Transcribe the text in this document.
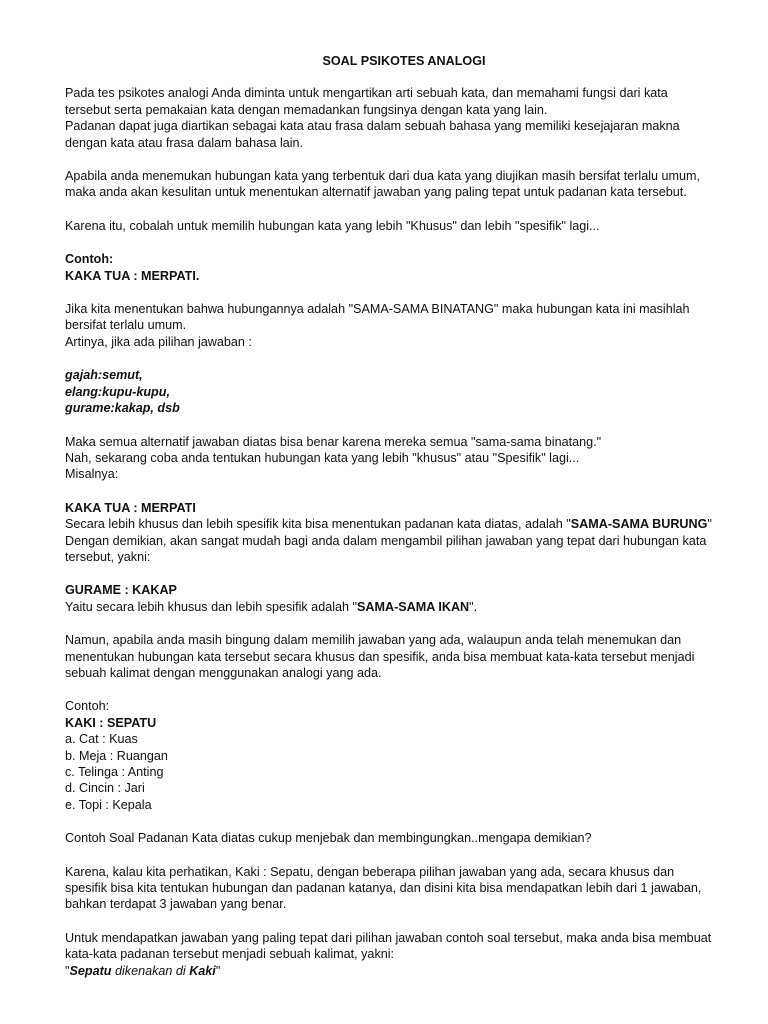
SOAL PSIKOTES ANALOGI

Pada tes psikotes analogi Anda diminta untuk mengartikan arti sebuah kata, dan memahami fungsi dari kata tersebut serta pemakaian kata dengan memadankan fungsinya dengan kata yang lain.

Padanan dapat juga diartikan sebagai kata atau frasa dalam sebuah bahasa yang memiliki kesejajaran makna dengan kata atau frasa dalam bahasa lain.

Apabila anda menemukan hubungan kata yang terbentuk dari dua kata yang diujikan masih bersifat terlalu umum, maka anda akan kesulitan untuk menentukan alternatif jawaban yang paling tepat untuk padanan kata tersebut.

Karena itu, cobalah untuk memilih hubungan kata yang lebih "Khusus" dan lebih "spesifik" lagi...

Contoh:

KAKA TUA : MERPATI.

Jika kita menentukan bahwa hubungannya adalah "SAMA-SAMA BINATANG" maka hubungan kata ini masihlah bersifat terlalu umum.

Artinya, jika ada pilihan jawaban :

gajah:semut,

elang:kupu-kupu,

gurame:kakap, dsb

Maka semua alternatif jawaban diatas bisa benar karena mereka semua "sama-sama binatang."

Nah, sekarang coba anda tentukan hubungan kata yang lebih "khusus" atau "Spesifik" lagi...

Misalnya:

KAKA TUA : MERPATI

Secara lebih khusus dan lebih spesifik kita bisa menentukan padanan kata diatas, adalah "SAMA-SAMA BURUNG"

Dengan demikian, akan sangat mudah bagi anda dalam mengambil pilihan jawaban yang tepat dari hubungan kata tersebut, yakni:

GURAME : KAKAP

Yaitu secara lebih khusus dan lebih spesifik adalah "SAMA-SAMA IKAN".

Namun, apabila anda masih bingung dalam memilih jawaban yang ada, walaupun anda telah menemukan dan menentukan hubungan kata tersebut secara khusus dan spesifik, anda bisa membuat kata-kata tersebut menjadi sebuah kalimat dengan menggunakan analogi yang ada.

Contoh:

KAKI : SEPATU

a. Cat : Kuas

b. Meja : Ruangan

c. Telinga : Anting

d. Cincin : Jari

e. Topi : Kepala

Contoh Soal Padanan Kata diatas cukup menjebak dan membingungkan..mengapa demikian?

Karena, kalau kita perhatikan, Kaki : Sepatu, dengan beberapa pilihan jawaban yang ada, secara khusus dan spesifik bisa kita tentukan hubungan dan padanan katanya, dan disini kita bisa mendapatkan lebih dari 1 jawaban, bahkan terdapat 3 jawaban yang benar.

Untuk mendapatkan jawaban yang paling tepat dari pilihan jawaban contoh soal tersebut, maka anda bisa membuat kata-kata padanan tersebut menjadi sebuah kalimat, yakni:

"Sepatu dikenakan di Kaki"
